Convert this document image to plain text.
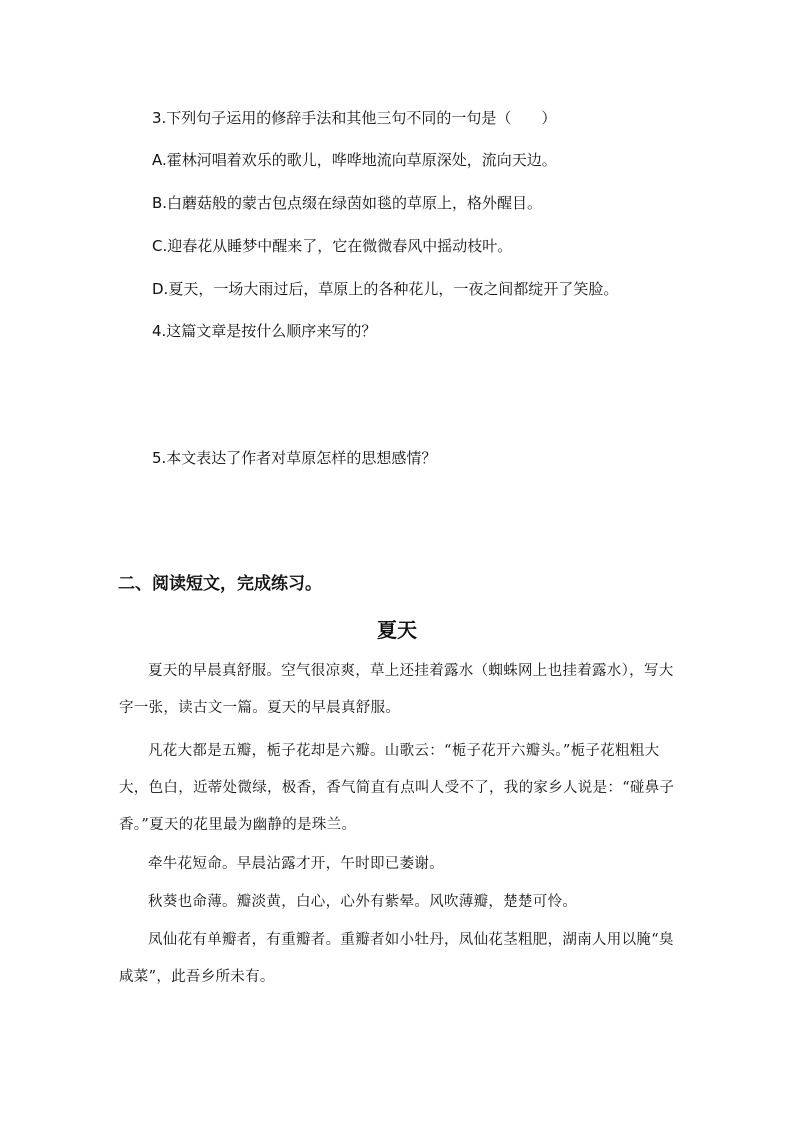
3.下列句子运用的修辞手法和其他三句不同的一句是（　　）
A.霍林河唱着欢乐的歌儿，哗哗地流向草原深处，流向天边。
B.白蘑菇般的蒙古包点缀在绿茵如毯的草原上，格外醒目。
C.迎春花从睡梦中醒来了，它在微微春风中摇动枝叶。
D.夏天，一场大雨过后，草原上的各种花儿，一夜之间都绽开了笑脸。
4.这篇文章是按什么顺序来写的？
5.本文表达了作者对草原怎样的思想感情？
二、阅读短文，完成练习。
夏天

夏天的早晨真舒服。空气很凉爽，草上还挂着露水（蜘蛛网上也挂着露水），写大字一张，读古文一篇。夏天的早晨真舒服。

凡花大都是五瓣，栀子花却是六瓣。山歌云：“栀子花开六瓣头。”栀子花粗粗大大，色白，近蒂处微绿，极香，香气简直有点叫人受不了，我的家乡人说是：“碰鼻子香。”夏天的花里最为幽静的是珠兰。

牵牛花短命。早晨沾露才开，午时即已萎谢。

秋葵也命薄。瓣淡黄，白心，心外有紫晕。风吹薄瓣，楚楚可怜。

凤仙花有单瓣者，有重瓣者。重瓣者如小牡丹，凤仙花茎粗肥，湖南人用以腌“臭咸菜”，此吾乡所未有。
